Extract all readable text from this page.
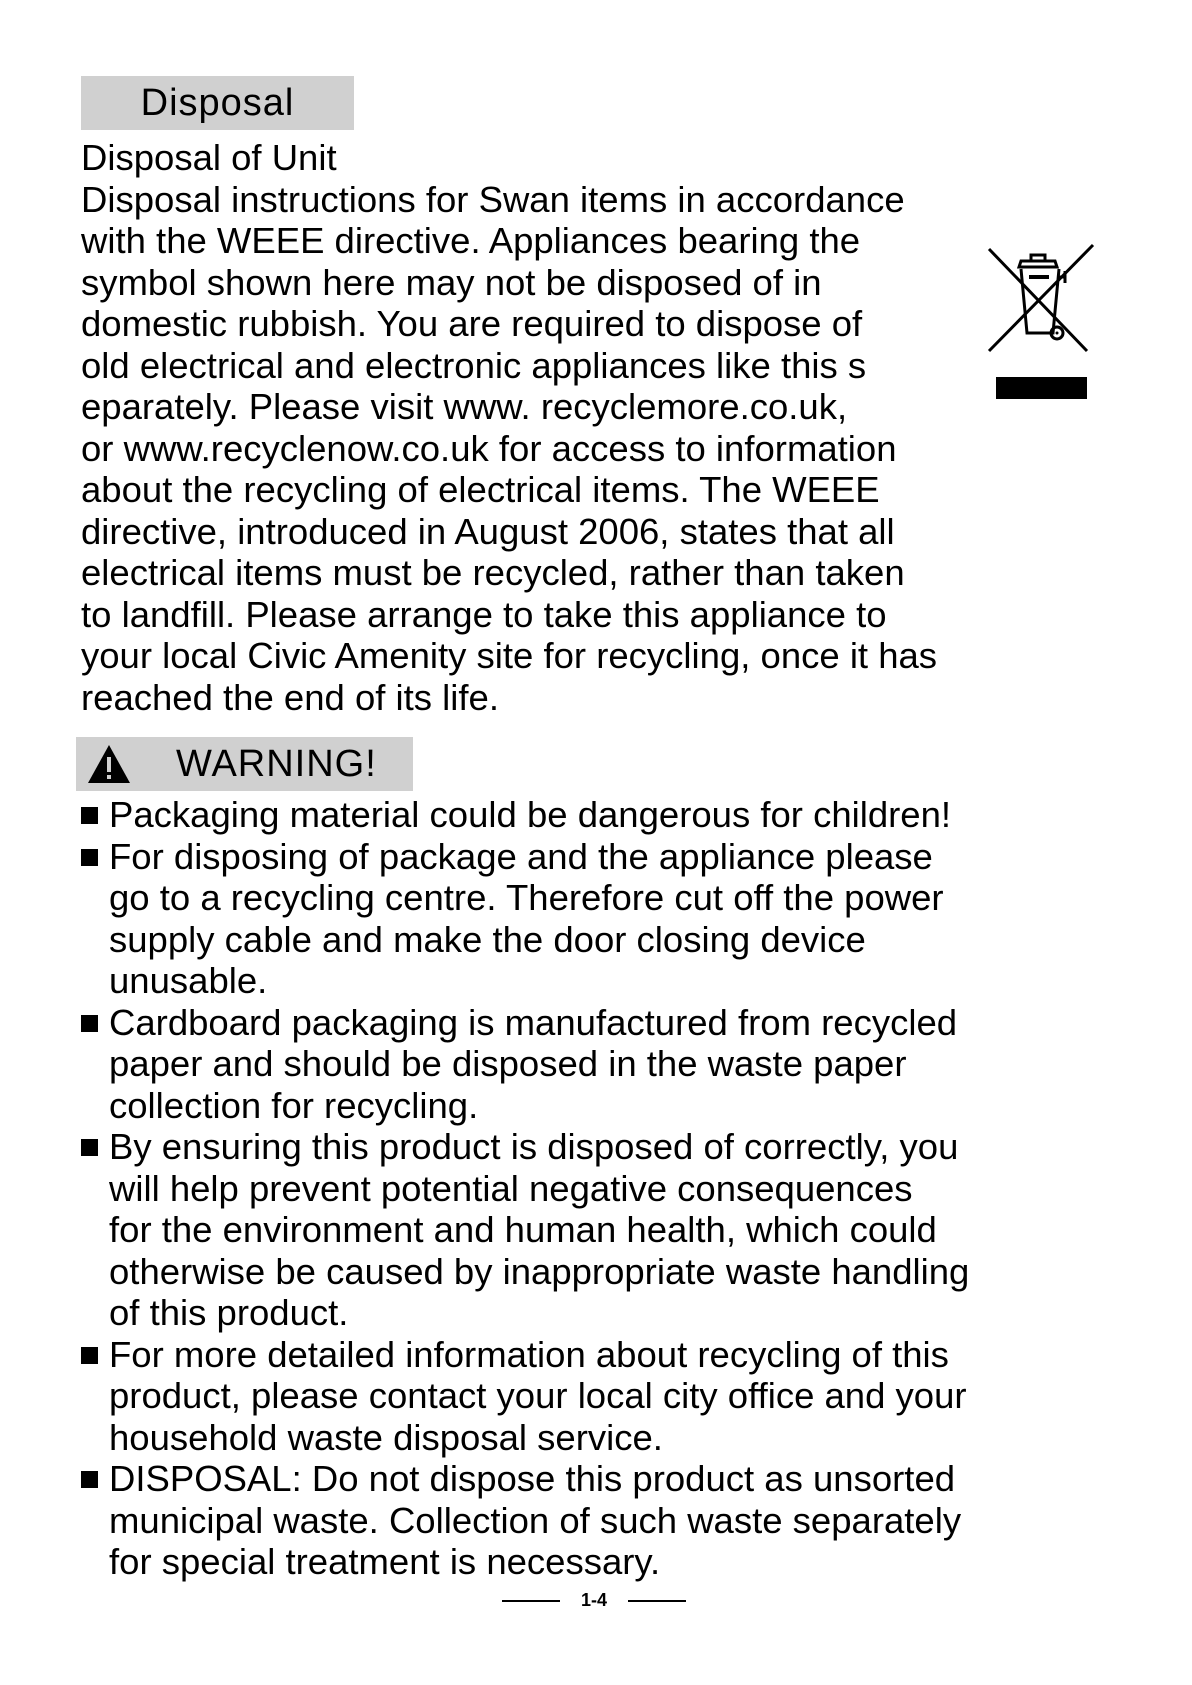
Disposal

Disposal of Unit
Disposal instructions for Swan items in accordance
with the WEEE directive. Appliances bearing the
symbol shown here may not be disposed of in
domestic rubbish. You are required to dispose of
old electrical and electronic appliances like this s
eparately. Please visit www. recyclemore.co.uk,
or www.recyclenow.co.uk for access to information
about the recycling of electrical items. The WEEE
directive, introduced in August 2006, states that all
electrical items must be recycled, rather than taken
to landfill. Please arrange to take this appliance to
your local Civic Amenity site for recycling, once it has
reached the end of its life.

WARNING!
Packaging material could be dangerous for children!
For disposing of package and the appliance please
go to a recycling centre. Therefore cut off the power
supply cable and make the door closing device
unusable.
Cardboard packaging is manufactured from recycled
paper and should be disposed in the waste paper
collection for recycling.
By ensuring this product is disposed of correctly, you
will help prevent potential negative consequences
for the environment and human health, which could
otherwise be caused by inappropriate waste handling
of this product.
For more detailed information about recycling of this
product, please contact your local city office and your
household waste disposal service.
DISPOSAL: Do not dispose this product as unsorted
municipal waste. Collection of such waste separately
for special treatment is necessary.
1-4
